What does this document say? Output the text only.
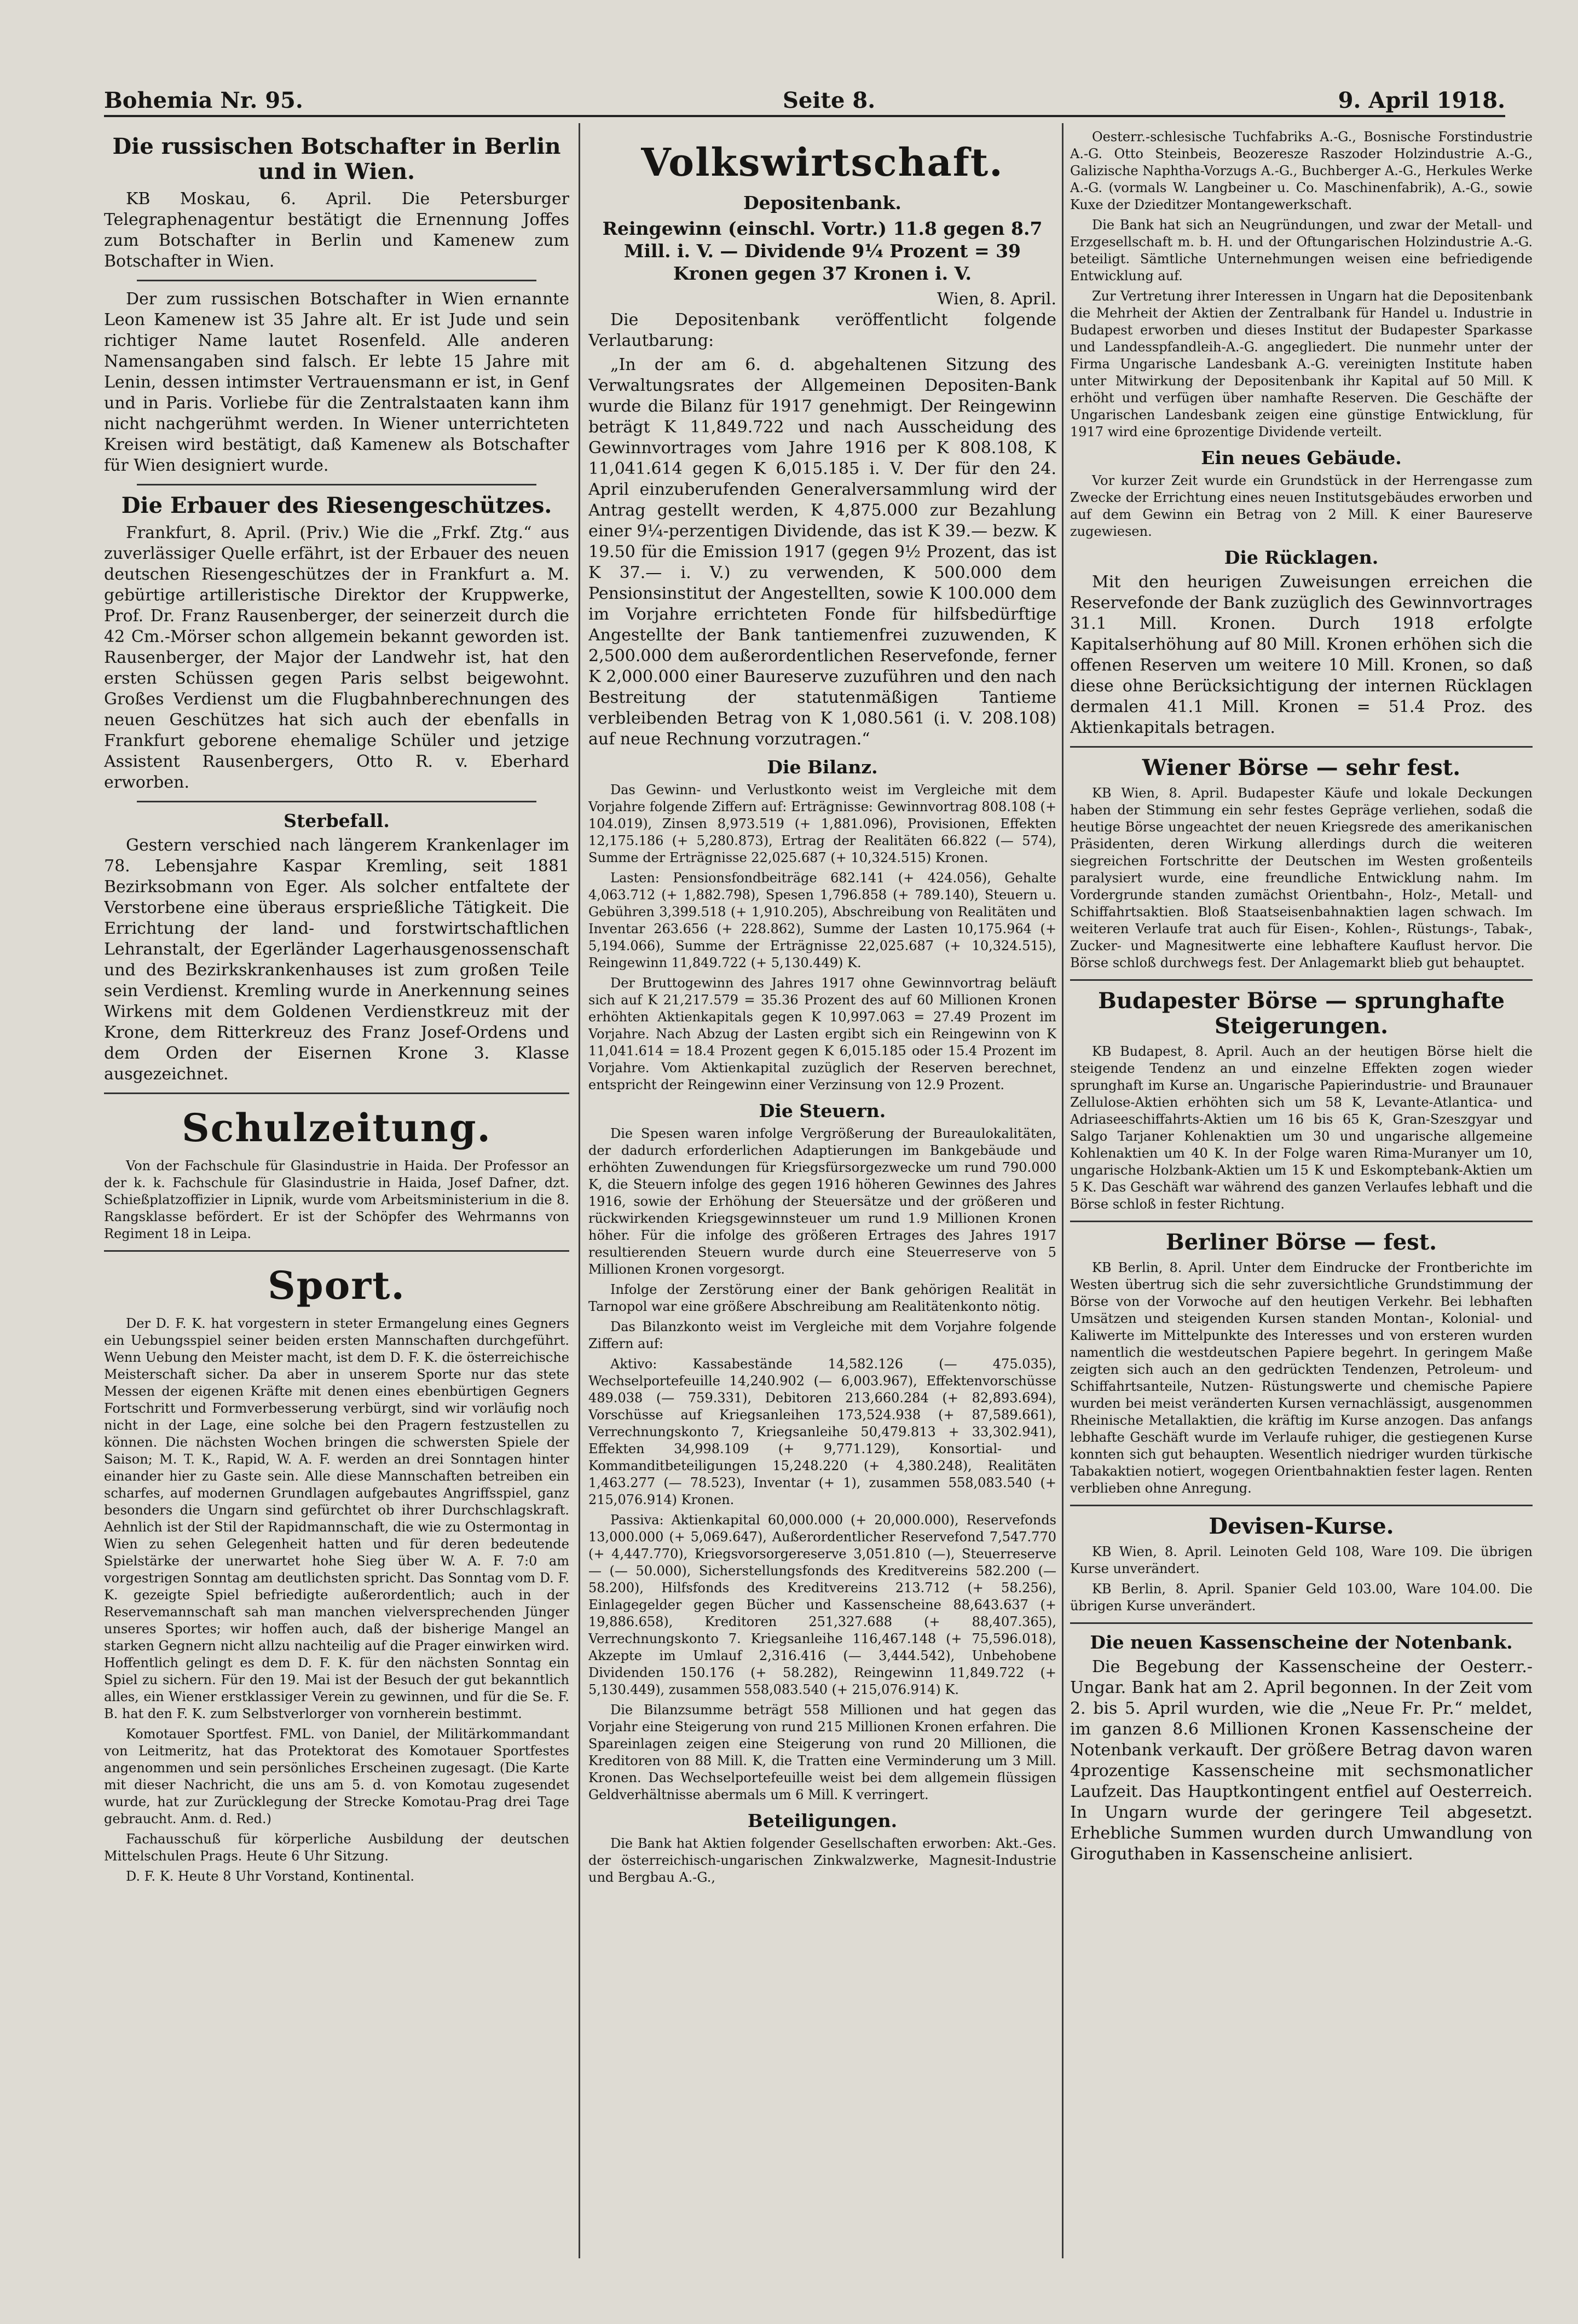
Bohemia Nr. 95.	Seite 8.	9. April 1918.
Die russischen Botschafter in Berlin und in Wien.

KB Moskau, 6. April. Die Petersburger Telegraphenagentur bestätigt die Ernennung Joffes zum Botschafter in Berlin und Kamenew zum Botschafter in Wien.

Der zum russischen Botschafter in Wien ernannte Leon Kamenew ist 35 Jahre alt. Er ist Jude und sein richtiger Name lautet Rosenfeld. Alle anderen Namensangaben sind falsch. Er lebte 15 Jahre mit Lenin, dessen intimster Vertrauensmann er ist, in Genf und in Paris. Vorliebe für die Zentralstaaten kann ihm nicht nachgerühmt werden. In Wiener unterrichteten Kreisen wird bestätigt, daß Kamenew als Botschafter für Wien designiert wurde.

Die Erbauer des Riesengeschützes.

Frankfurt, 8. April. (Priv.) Wie die „Frkf. Ztg.“ aus zuverlässiger Quelle erfährt, ist der Erbauer des neuen deutschen Riesengeschützes der in Frankfurt a. M. gebürtige artilleristische Direktor der Kruppwerke, Prof. Dr. Franz Rausenberger, der seinerzeit durch die 42 Cm.-Mörser schon allgemein bekannt geworden ist. Rausenberger, der Major der Landwehr ist, hat den ersten Schüssen gegen Paris selbst beigewohnt. Großes Verdienst um die Flugbahnberechnungen des neuen Geschützes hat sich auch der ebenfalls in Frankfurt geborene ehemalige Schüler und jetzige Assistent Rausenbergers, Otto R. v. Eberhard erworben.

Sterbefall.

Gestern verschied nach längerem Krankenlager im 78. Lebensjahre Kaspar Kremling, seit 1881 Bezirksobmann von Eger. Als solcher entfaltete der Verstorbene eine überaus ersprießliche Tätigkeit. Die Errichtung der land- und forstwirtschaftlichen Lehranstalt, der Egerländer Lagerhausgenossenschaft und des Bezirkskrankenhauses ist zum großen Teile sein Verdienst. Kremling wurde in Anerkennung seines Wirkens mit dem Goldenen Verdienstkreuz mit der Krone, dem Ritterkreuz des Franz Josef-Ordens und dem Orden der Eisernen Krone 3. Klasse ausgezeichnet.

Schulzeitung.

Von der Fachschule für Glasindustrie in Haida. Der Professor an der k. k. Fachschule für Glasindustrie in Haida, Josef Dafner, dzt. Schießplatzoffizier in Lipnik, wurde vom Arbeitsministerium in die 8. Rangsklasse befördert. Er ist der Schöpfer des Wehrmanns von Regiment 18 in Leipa.

Sport.

Der D. F. K. hat vorgestern in steter Ermangelung eines Gegners ein Uebungsspiel seiner beiden ersten Mannschaften durchgeführt. Wenn Uebung den Meister macht, ist dem D. F. K. die österreichische Meisterschaft sicher. Da aber in unserem Sporte nur das stete Messen der eigenen Kräfte mit denen eines ebenbürtigen Gegners Fortschritt und Formverbesserung verbürgt, sind wir vorläufig noch nicht in der Lage, eine solche bei den Pragern festzustellen zu können. Die nächsten Wochen bringen die schwersten Spiele der Saison; M. T. K., Rapid, W. A. F. werden an drei Sonntagen hinter einander hier zu Gaste sein. Alle diese Mannschaften betreiben ein scharfes, auf modernen Grundlagen aufgebautes Angriffsspiel, ganz besonders die Ungarn sind gefürchtet ob ihrer Durchschlagskraft. Aehnlich ist der Stil der Rapidmannschaft, die wie zu Ostermontag in Wien zu sehen Gelegenheit hatten und für deren bedeutende Spielstärke der unerwartet hohe Sieg über W. A. F. 7:0 am vorgestrigen Sonntag am deutlichsten spricht. Das Sonntag vom D. F. K. gezeigte Spiel befriedigte außerordentlich; auch in der Reservemannschaft sah man manchen vielversprechenden Jünger unseres Sportes; wir hoffen auch, daß der bisherige Mangel an starken Gegnern nicht allzu nachteilig auf die Prager einwirken wird. Hoffentlich gelingt es dem D. F. K. für den nächsten Sonntag ein Spiel zu sichern. Für den 19. Mai ist der Besuch der gut bekanntlich alles, ein Wiener erstklassiger Verein zu gewinnen, und für die Se. F. B. hat den F. K. zum Selbstverlorger von vornherein bestimmt.

Komotauer Sportfest. FML. von Daniel, der Militärkommandant von Leitmeritz, hat das Protektorat des Komotauer Sportfestes angenommen und sein persönliches Erscheinen zugesagt. (Die Karte mit dieser Nachricht, die uns am 5. d. von Komotau zugesendet wurde, hat zur Zurücklegung der Strecke Komotau-Prag drei Tage gebraucht. Anm. d. Red.)

Fachausschuß für körperliche Ausbildung der deutschen Mittelschulen Prags. Heute 6 Uhr Sitzung.

D. F. K. Heute 8 Uhr Vorstand, Kontinental.

Volkswirtschaft.
Depositenbank.
Reingewinn (einschl. Vortr.) 11.8 gegen 8.7 Mill. i. V. — Dividende 9¼ Prozent = 39 Kronen gegen 37 Kronen i. V.
Wien, 8. April.

Die Depositenbank veröffentlicht folgende Verlautbarung:

„In der am 6. d. abgehaltenen Sitzung des Verwaltungsrates der Allgemeinen Depositen-Bank wurde die Bilanz für 1917 genehmigt. Der Reingewinn beträgt K 11,849.722 und nach Ausscheidung des Gewinnvortrages vom Jahre 1916 per K 808.108, K 11,041.614 gegen K 6,015.185 i. V. Der für den 24. April einzuberufenden Generalversammlung wird der Antrag gestellt werden, K 4,875.000 zur Bezahlung einer 9¼-perzentigen Dividende, das ist K 39.— bezw. K 19.50 für die Emission 1917 (gegen 9½ Prozent, das ist K 37.— i. V.) zu verwenden, K 500.000 dem Pensionsinstitut der Angestellten, sowie K 100.000 dem im Vorjahre errichteten Fonde für hilfsbedürftige Angestellte der Bank tantiemenfrei zuzuwenden, K 2,500.000 dem außerordentlichen Reservefonde, ferner K 2,000.000 einer Baureserve zuzuführen und den nach Bestreitung der statutenmäßigen Tantieme verbleibenden Betrag von K 1,080.561 (i. V. 208.108) auf neue Rechnung vorzutragen.“

Die Bilanz.

Das Gewinn- und Verlustkonto weist im Vergleiche mit dem Vorjahre folgende Ziffern auf: Erträgnisse: Gewinnvortrag 808.108 (+ 104.019), Zinsen 8,973.519 (+ 1,881.096), Provisionen, Effekten 12,175.186 (+ 5,280.873), Ertrag der Realitäten 66.822 (— 574), Summe der Erträgnisse 22,025.687 (+ 10,324.515) Kronen.

Lasten: Pensionsfondbeiträge 682.141 (+ 424.056), Gehalte 4,063.712 (+ 1,882.798), Spesen 1,796.858 (+ 789.140), Steuern u. Gebühren 3,399.518 (+ 1,910.205), Abschreibung von Realitäten und Inventar 263.656 (+ 228.862), Summe der Lasten 10,175.964 (+ 5,194.066), Summe der Erträgnisse 22,025.687 (+ 10,324.515), Reingewinn 11,849.722 (+ 5,130.449) K.

Der Bruttogewinn des Jahres 1917 ohne Gewinnvortrag beläuft sich auf K 21,217.579 = 35.36 Prozent des auf 60 Millionen Kronen erhöhten Aktienkapitals gegen K 10,997.063 = 27.49 Prozent im Vorjahre. Nach Abzug der Lasten ergibt sich ein Reingewinn von K 11,041.614 = 18.4 Prozent gegen K 6,015.185 oder 15.4 Prozent im Vorjahre. Vom Aktienkapital zuzüglich der Reserven berechnet, entspricht der Reingewinn einer Verzinsung von 12.9 Prozent.

Die Steuern.

Die Spesen waren infolge Vergrößerung der Bureaulokalitäten, der dadurch erforderlichen Adaptierungen im Bankgebäude und erhöhten Zuwendungen für Kriegsfürsorgezwecke um rund 790.000 K, die Steuern infolge des gegen 1916 höheren Gewinnes des Jahres 1916, sowie der Erhöhung der Steuersätze und der größeren und rückwirkenden Kriegsgewinnsteuer um rund 1.9 Millionen Kronen höher. Für die infolge des größeren Ertrages des Jahres 1917 resultierenden Steuern wurde durch eine Steuerreserve von 5 Millionen Kronen vorgesorgt.

Infolge der Zerstörung einer der Bank gehörigen Realität in Tarnopol war eine größere Abschreibung am Realitätenkonto nötig.

Das Bilanzkonto weist im Vergleiche mit dem Vorjahre folgende Ziffern auf:

Aktivo: Kassabestände 14,582.126 (— 475.035), Wechselportefeuille 14,240.902 (— 6,003.967), Effektenvorschüsse 489.038 (— 759.331), Debitoren 213,660.284 (+ 82,893.694), Vorschüsse auf Kriegsanleihen 173,524.938 (+ 87,589.661), Verrechnungskonto 7, Kriegsanleihe 50,479.813 + 33,302.941), Effekten 34,998.109 (+ 9,771.129), Konsortial- und Kommanditbeteiligungen 15,248.220 (+ 4,380.248), Realitäten 1,463.277 (— 78.523), Inventar (+ 1), zusammen 558,083.540 (+ 215,076.914) Kronen.

Passiva: Aktienkapital 60,000.000 (+ 20,000.000), Reservefonds 13,000.000 (+ 5,069.647), Außerordentlicher Reservefond 7,547.770 (+ 4,447.770), Kriegsvorsorgereserve 3,051.810 (—), Steuerreserve — (— 50.000), Sicherstellungsfonds des Kreditvereins 582.200 (— 58.200), Hilfsfonds des Kreditvereins 213.712 (+ 58.256), Einlagegelder gegen Bücher und Kassenscheine 88,643.637 (+ 19,886.658), Kreditoren 251,327.688 (+ 88,407.365), Verrechnungskonto 7. Kriegsanleihe 116,467.148 (+ 75,596.018), Akzepte im Umlauf 2,316.416 (— 3,444.542), Unbehobene Dividenden 150.176 (+ 58.282), Reingewinn 11,849.722 (+ 5,130.449), zusammen 558,083.540 (+ 215,076.914) K.

Die Bilanzsumme beträgt 558 Millionen und hat gegen das Vorjahr eine Steigerung von rund 215 Millionen Kronen erfahren. Die Spareinlagen zeigen eine Steigerung von rund 20 Millionen, die Kreditoren von 88 Mill. K, die Tratten eine Verminderung um 3 Mill. Kronen. Das Wechselportefeuille weist bei dem allgemein flüssigen Geldverhältnisse abermals um 6 Mill. K verringert.

Beteiligungen.

Die Bank hat Aktien folgender Gesellschaften erworben: Akt.-Ges. der österreichisch-ungarischen Zinkwalzwerke, Magnesit-Industrie und Bergbau A.-G.,

Oesterr.-schlesische Tuchfabriks A.-G., Bosnische Forstindustrie A.-G. Otto Steinbeis, Beozeresze Raszoder Holzindustrie A.-G., Galizische Naphtha-Vorzugs A.-G., Buchberger A.-G., Herkules Werke A.-G. (vormals W. Langbeiner u. Co. Maschinenfabrik), A.-G., sowie Kuxe der Dzieditzer Montangewerkschaft.

Die Bank hat sich an Neugründungen, und zwar der Metall- und Erzgesellschaft m. b. H. und der Oftungarischen Holzindustrie A.-G. beteiligt. Sämtliche Unternehmungen weisen eine befriedigende Entwicklung auf.

Zur Vertretung ihrer Interessen in Ungarn hat die Depositenbank die Mehrheit der Aktien der Zentralbank für Handel u. Industrie in Budapest erworben und dieses Institut der Budapester Sparkasse und Landesspfandleih-A.-G. angegliedert. Die nunmehr unter der Firma Ungarische Landesbank A.-G. vereinigten Institute haben unter Mitwirkung der Depositenbank ihr Kapital auf 50 Mill. K erhöht und verfügen über namhafte Reserven. Die Geschäfte der Ungarischen Landesbank zeigen eine günstige Entwicklung, für 1917 wird eine 6prozentige Dividende verteilt.

Ein neues Gebäude.

Vor kurzer Zeit wurde ein Grundstück in der Herrengasse zum Zwecke der Errichtung eines neuen Institutsgebäudes erworben und auf dem Gewinn ein Betrag von 2 Mill. K einer Baureserve zugewiesen.

Die Rücklagen.

Mit den heurigen Zuweisungen erreichen die Reservefonde der Bank zuzüglich des Gewinnvortrages 31.1 Mill. Kronen. Durch 1918 erfolgte Kapitalserhöhung auf 80 Mill. Kronen erhöhen sich die offenen Reserven um weitere 10 Mill. Kronen, so daß diese ohne Berücksichtigung der internen Rücklagen dermalen 41.1 Mill. Kronen = 51.4 Proz. des Aktienkapitals betragen.

Wiener Börse — sehr fest.

KB Wien, 8. April. Budapester Käufe und lokale Deckungen haben der Stimmung ein sehr festes Gepräge verliehen, sodaß die heutige Börse ungeachtet der neuen Kriegsrede des amerikanischen Präsidenten, deren Wirkung allerdings durch die weiteren siegreichen Fortschritte der Deutschen im Westen großenteils paralysiert wurde, eine freundliche Entwicklung nahm. Im Vordergrunde standen zumächst Orientbahn-, Holz-, Metall- und Schiffahrtsaktien. Bloß Staatseisenbahnaktien lagen schwach. Im weiteren Verlaufe trat auch für Eisen-, Kohlen-, Rüstungs-, Tabak-, Zucker- und Magnesitwerte eine lebhaftere Kauflust hervor. Die Börse schloß durchwegs fest. Der Anlagemarkt blieb gut behauptet.

Budapester Börse — sprunghafte Steigerungen.

KB Budapest, 8. April. Auch an der heutigen Börse hielt die steigende Tendenz an und einzelne Effekten zogen wieder sprunghaft im Kurse an. Ungarische Papierindustrie- und Braunauer Zellulose-Aktien erhöhten sich um 58 K, Levante-Atlantica- und Adriaseeschiffahrts-Aktien um 16 bis 65 K, Gran-Szeszgyar und Salgo Tarjaner Kohlenaktien um 30 und ungarische allgemeine Kohlenaktien um 40 K. In der Folge waren Rima-Muranyer um 10, ungarische Holzbank-Aktien um 15 K und Eskomptebank-Aktien um 5 K. Das Geschäft war während des ganzen Verlaufes lebhaft und die Börse schloß in fester Richtung.

Berliner Börse — fest.

KB Berlin, 8. April. Unter dem Eindrucke der Frontberichte im Westen übertrug sich die sehr zuversichtliche Grundstimmung der Börse von der Vorwoche auf den heutigen Verkehr. Bei lebhaften Umsätzen und steigenden Kursen standen Montan-, Kolonial- und Kaliwerte im Mittelpunkte des Interesses und von ersteren wurden namentlich die westdeutschen Papiere begehrt. In geringem Maße zeigten sich auch an den gedrückten Tendenzen, Petroleum- und Schiffahrtsanteile, Nutzen- Rüstungswerte und chemische Papiere wurden bei meist veränderten Kursen vernachlässigt, ausgenommen Rheinische Metallaktien, die kräftig im Kurse anzogen. Das anfangs lebhafte Geschäft wurde im Verlaufe ruhiger, die gestiegenen Kurse konnten sich gut behaupten. Wesentlich niedriger wurden türkische Tabakaktien notiert, wogegen Orientbahnaktien fester lagen. Renten verblieben ohne Anregung.

Devisen-Kurse.

KB Wien, 8. April. Leinoten Geld 108, Ware 109. Die übrigen Kurse unverändert.

KB Berlin, 8. April. Spanier Geld 103.00, Ware 104.00. Die übrigen Kurse unverändert.

Die neuen Kassenscheine der Notenbank.

Die Begebung der Kassenscheine der Oesterr.-Ungar. Bank hat am 2. April begonnen. In der Zeit vom 2. bis 5. April wurden, wie die „Neue Fr. Pr.“ meldet, im ganzen 8.6 Millionen Kronen Kassenscheine der Notenbank verkauft. Der größere Betrag davon waren 4prozentige Kassenscheine mit sechsmonatlicher Laufzeit. Das Hauptkontingent entfiel auf Oesterreich. In Ungarn wurde der geringere Teil abgesetzt. Erhebliche Summen wurden durch Umwandlung von Giroguthaben in Kassenscheine anlisiert.
